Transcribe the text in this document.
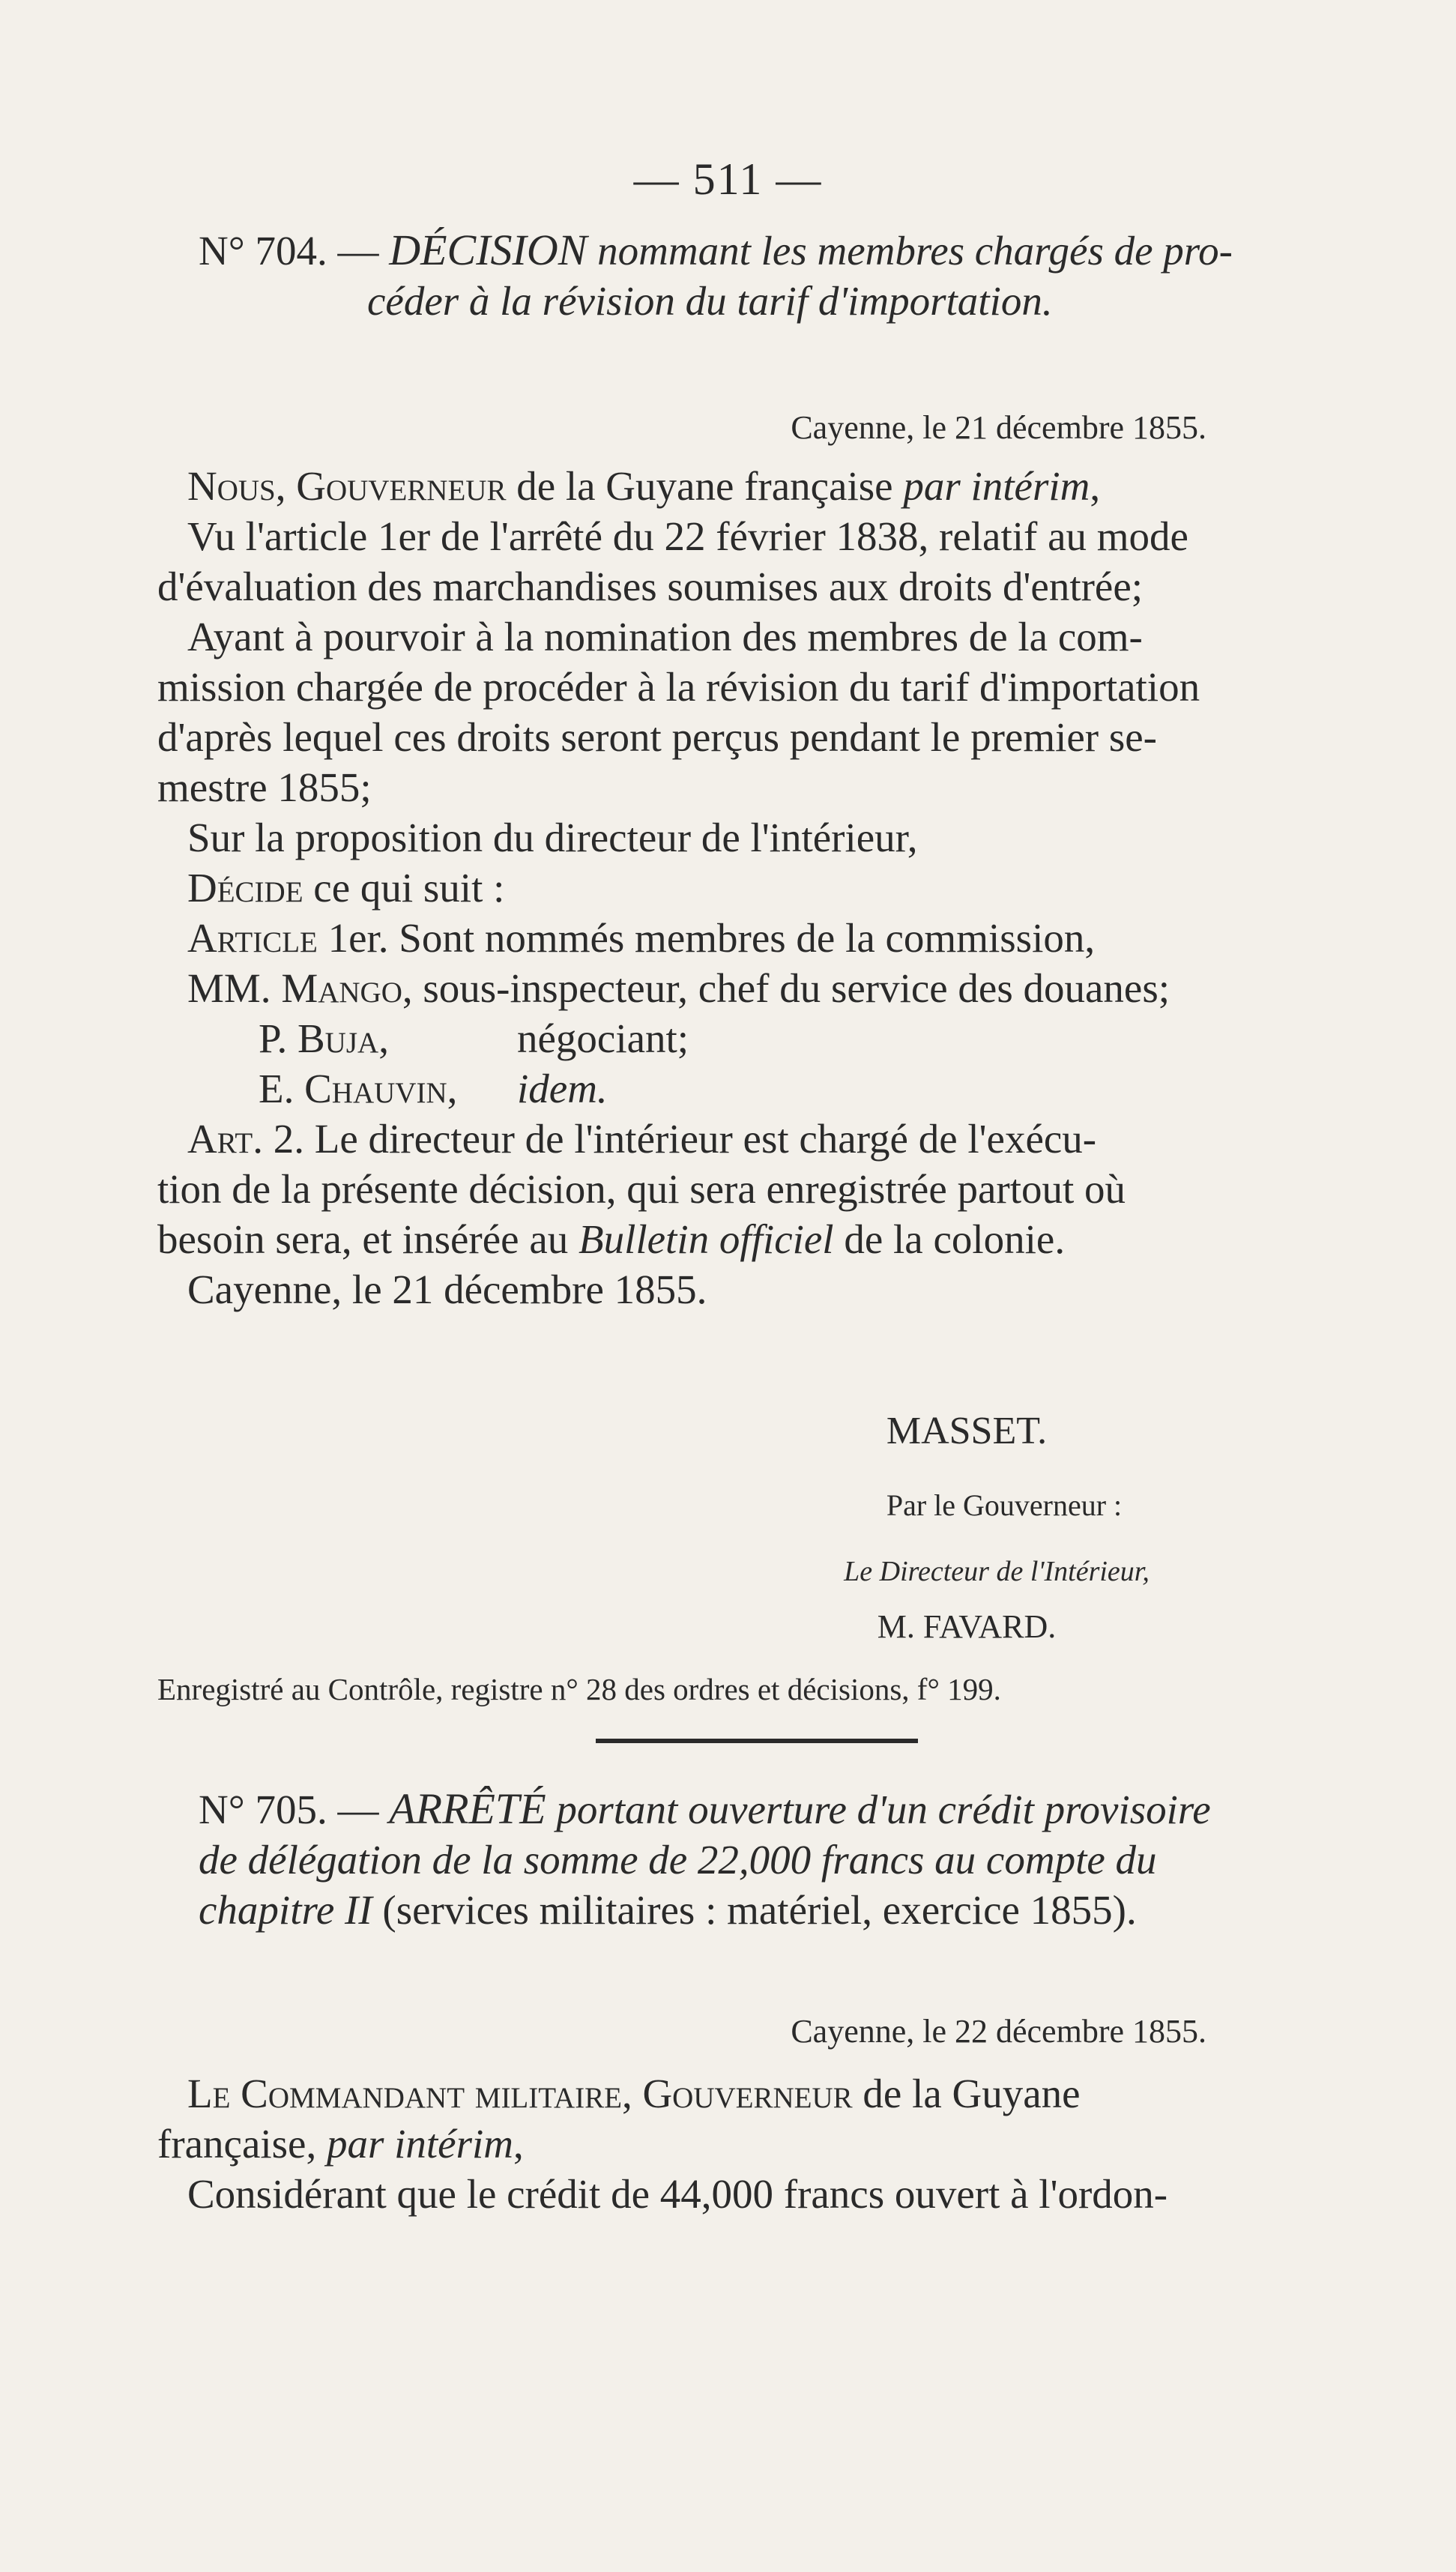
— 511 —
N° 704. — DÉCISION nommant les membres chargés de pro-
céder à la révision du tarif d'importation.
Cayenne, le 21 décembre 1855.
Nous, Gouverneur de la Guyane française par intérim,
Vu l'article 1er de l'arrêté du 22 février 1838, relatif au mode
d'évaluation des marchandises soumises aux droits d'entrée;
Ayant à pourvoir à la nomination des membres de la com-
mission chargée de procéder à la révision du tarif d'importation
d'après lequel ces droits seront perçus pendant le premier se-
mestre 1855;
Sur la proposition du directeur de l'intérieur,
Décide ce qui suit :
Article 1er. Sont nommés membres de la commission,
MM. Mango, sous-inspecteur, chef du service des douanes;
P. Buja,	négociant;
E. Chauvin, idem.
Art. 2. Le directeur de l'intérieur est chargé de l'exécu-
tion de la présente décision, qui sera enregistrée partout où
besoin sera, et insérée au Bulletin officiel de la colonie.
Cayenne, le 21 décembre 1855.
MASSET.
Par le Gouverneur :
Le Directeur de l'Intérieur,
M. FAVARD.
Enregistré au Contrôle, registre n° 28 des ordres et décisions, f° 199.
N° 705. — ARRÊTÉ portant ouverture d'un crédit provisoire
de délégation de la somme de 22,000 francs au compte du
chapitre II (services militaires : matériel, exercice 1855).
Cayenne, le 22 décembre 1855.
Le Commandant militaire, Gouverneur de la Guyane
française, par intérim,
Considérant que le crédit de 44,000 francs ouvert à l'ordon-
